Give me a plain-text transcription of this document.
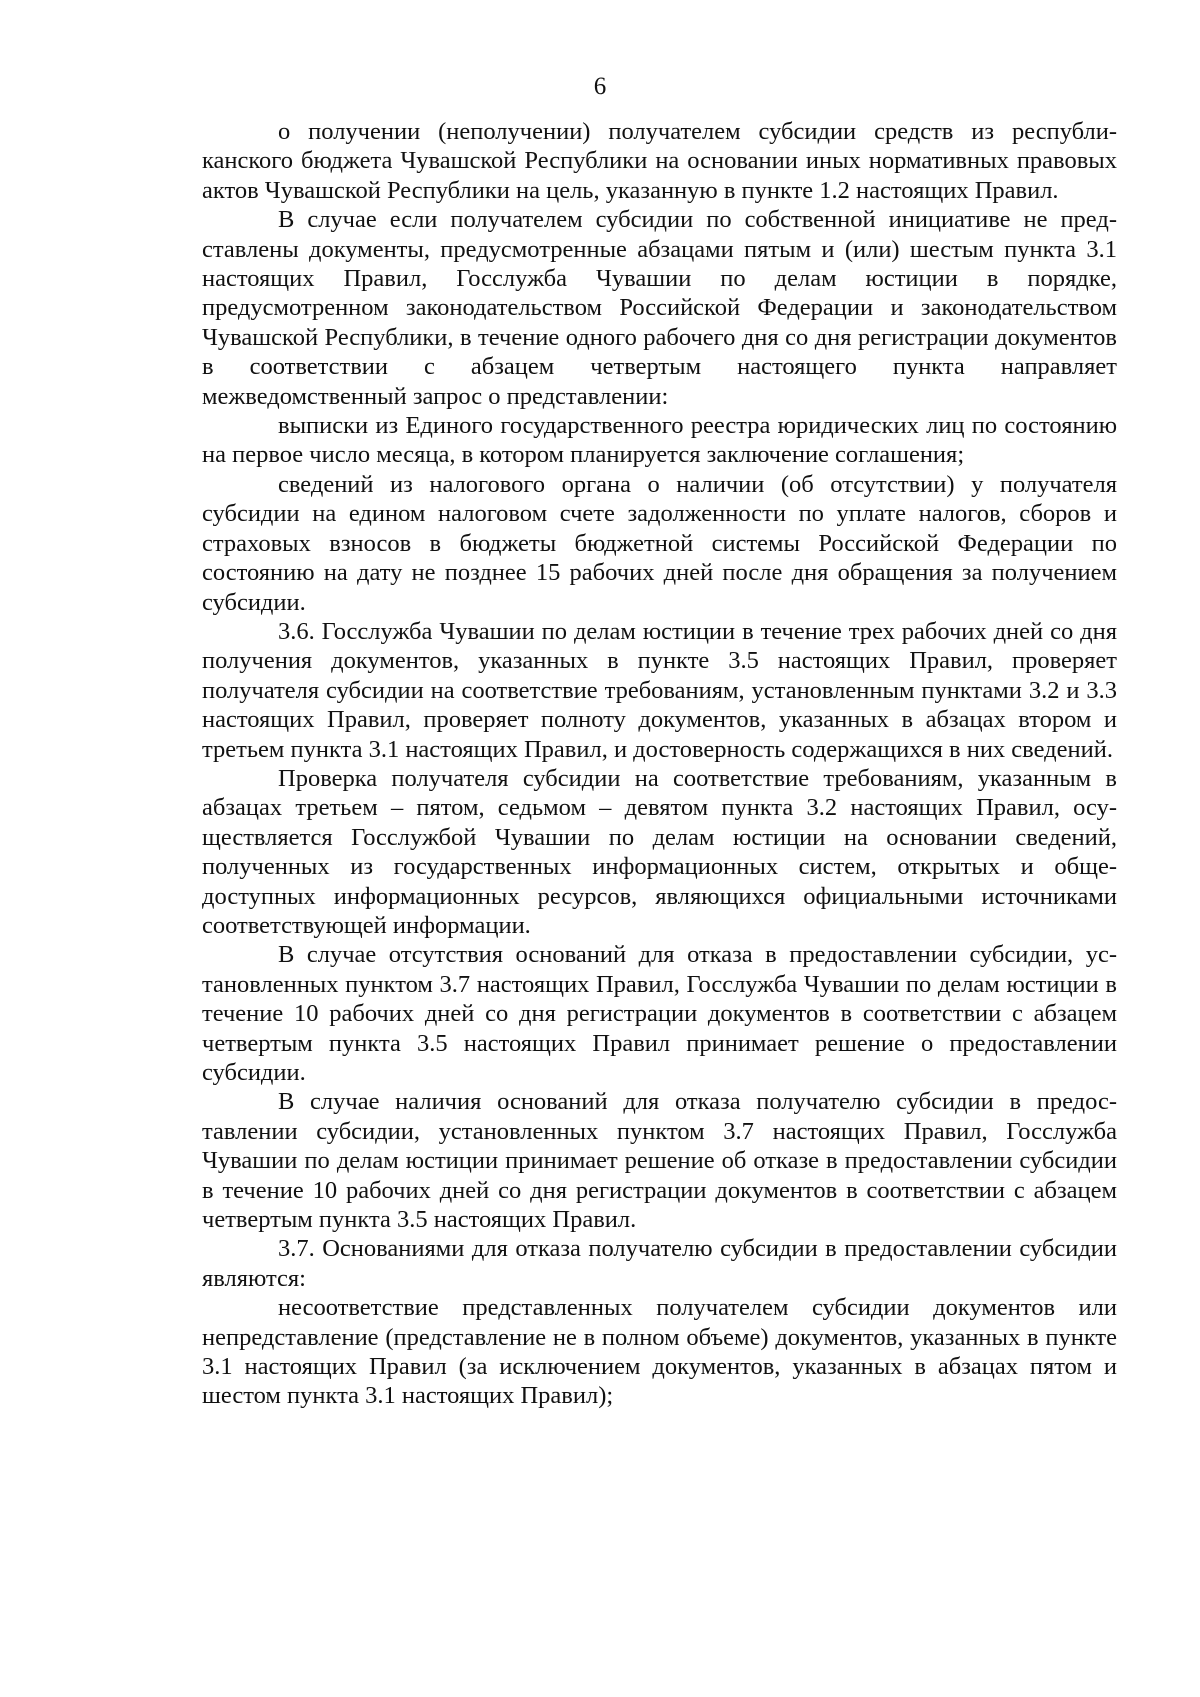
6

о получении (неполучении) получателем субсидии средств из республиканского бюджета Чувашской Республики на основании иных нормативных правовых актов Чувашской Республики на цель, указанную в пункте 1.2 настоящих Правил.

В случае если получателем субсидии по собственной инициативе не представлены документы, предусмотренные абзацами пятым и (или) шестым пункта 3.1 настоящих Правил, Госслужба Чувашии по делам юстиции в порядке, предусмотренном законодательством Российской Федерации и законодательством Чувашской Республики, в течение одного рабочего дня со дня регистрации документов в соответствии с абзацем четвертым настоящего пункта направляет межведомственный запрос о представлении:

выписки из Единого государственного реестра юридических лиц по состоянию на первое число месяца, в котором планируется заключение соглашения;

сведений из налогового органа о наличии (об отсутствии) у получателя субсидии на едином налоговом счете задолженности по уплате налогов, сборов и страховых взносов в бюджеты бюджетной системы Российской Федерации по состоянию на дату не позднее 15 рабочих дней после дня обращения за получением субсидии.

3.6. Госслужба Чувашии по делам юстиции в течение трех рабочих дней со дня получения документов, указанных в пункте 3.5 настоящих Правил, проверяет получателя субсидии на соответствие требованиям, установленным пунктами 3.2 и 3.3 настоящих Правил, проверяет полноту документов, указанных в абзацах втором и третьем пункта 3.1 настоящих Правил, и достоверность содержащихся в них сведений.

Проверка получателя субсидии на соответствие требованиям, указанным в абзацах третьем – пятом, седьмом – девятом пункта 3.2 настоящих Правил, осуществляется Госслужбой Чувашии по делам юстиции на основании сведений, полученных из государственных информационных систем, открытых и общедоступных информационных ресурсов, являющихся официальными источниками соответствующей информации.

В случае отсутствия оснований для отказа в предоставлении субсидии, установленных пунктом 3.7 настоящих Правил, Госслужба Чувашии по делам юстиции в течение 10 рабочих дней со дня регистрации документов в соответствии с абзацем четвертым пункта 3.5 настоящих Правил принимает решение о предоставлении субсидии.

В случае наличия оснований для отказа получателю субсидии в предоставлении субсидии, установленных пунктом 3.7 настоящих Правил, Госслужба Чувашии по делам юстиции принимает решение об отказе в предоставлении субсидии в течение 10 рабочих дней со дня регистрации документов в соответствии с абзацем четвертым пункта 3.5 настоящих Правил.

3.7. Основаниями для отказа получателю субсидии в предоставлении субсидии являются:

несоответствие представленных получателем субсидии документов или непредставление (представление не в полном объеме) документов, указанных в пункте 3.1 настоящих Правил (за исключением документов, указанных в абзацах пятом и шестом пункта 3.1 настоящих Правил);
